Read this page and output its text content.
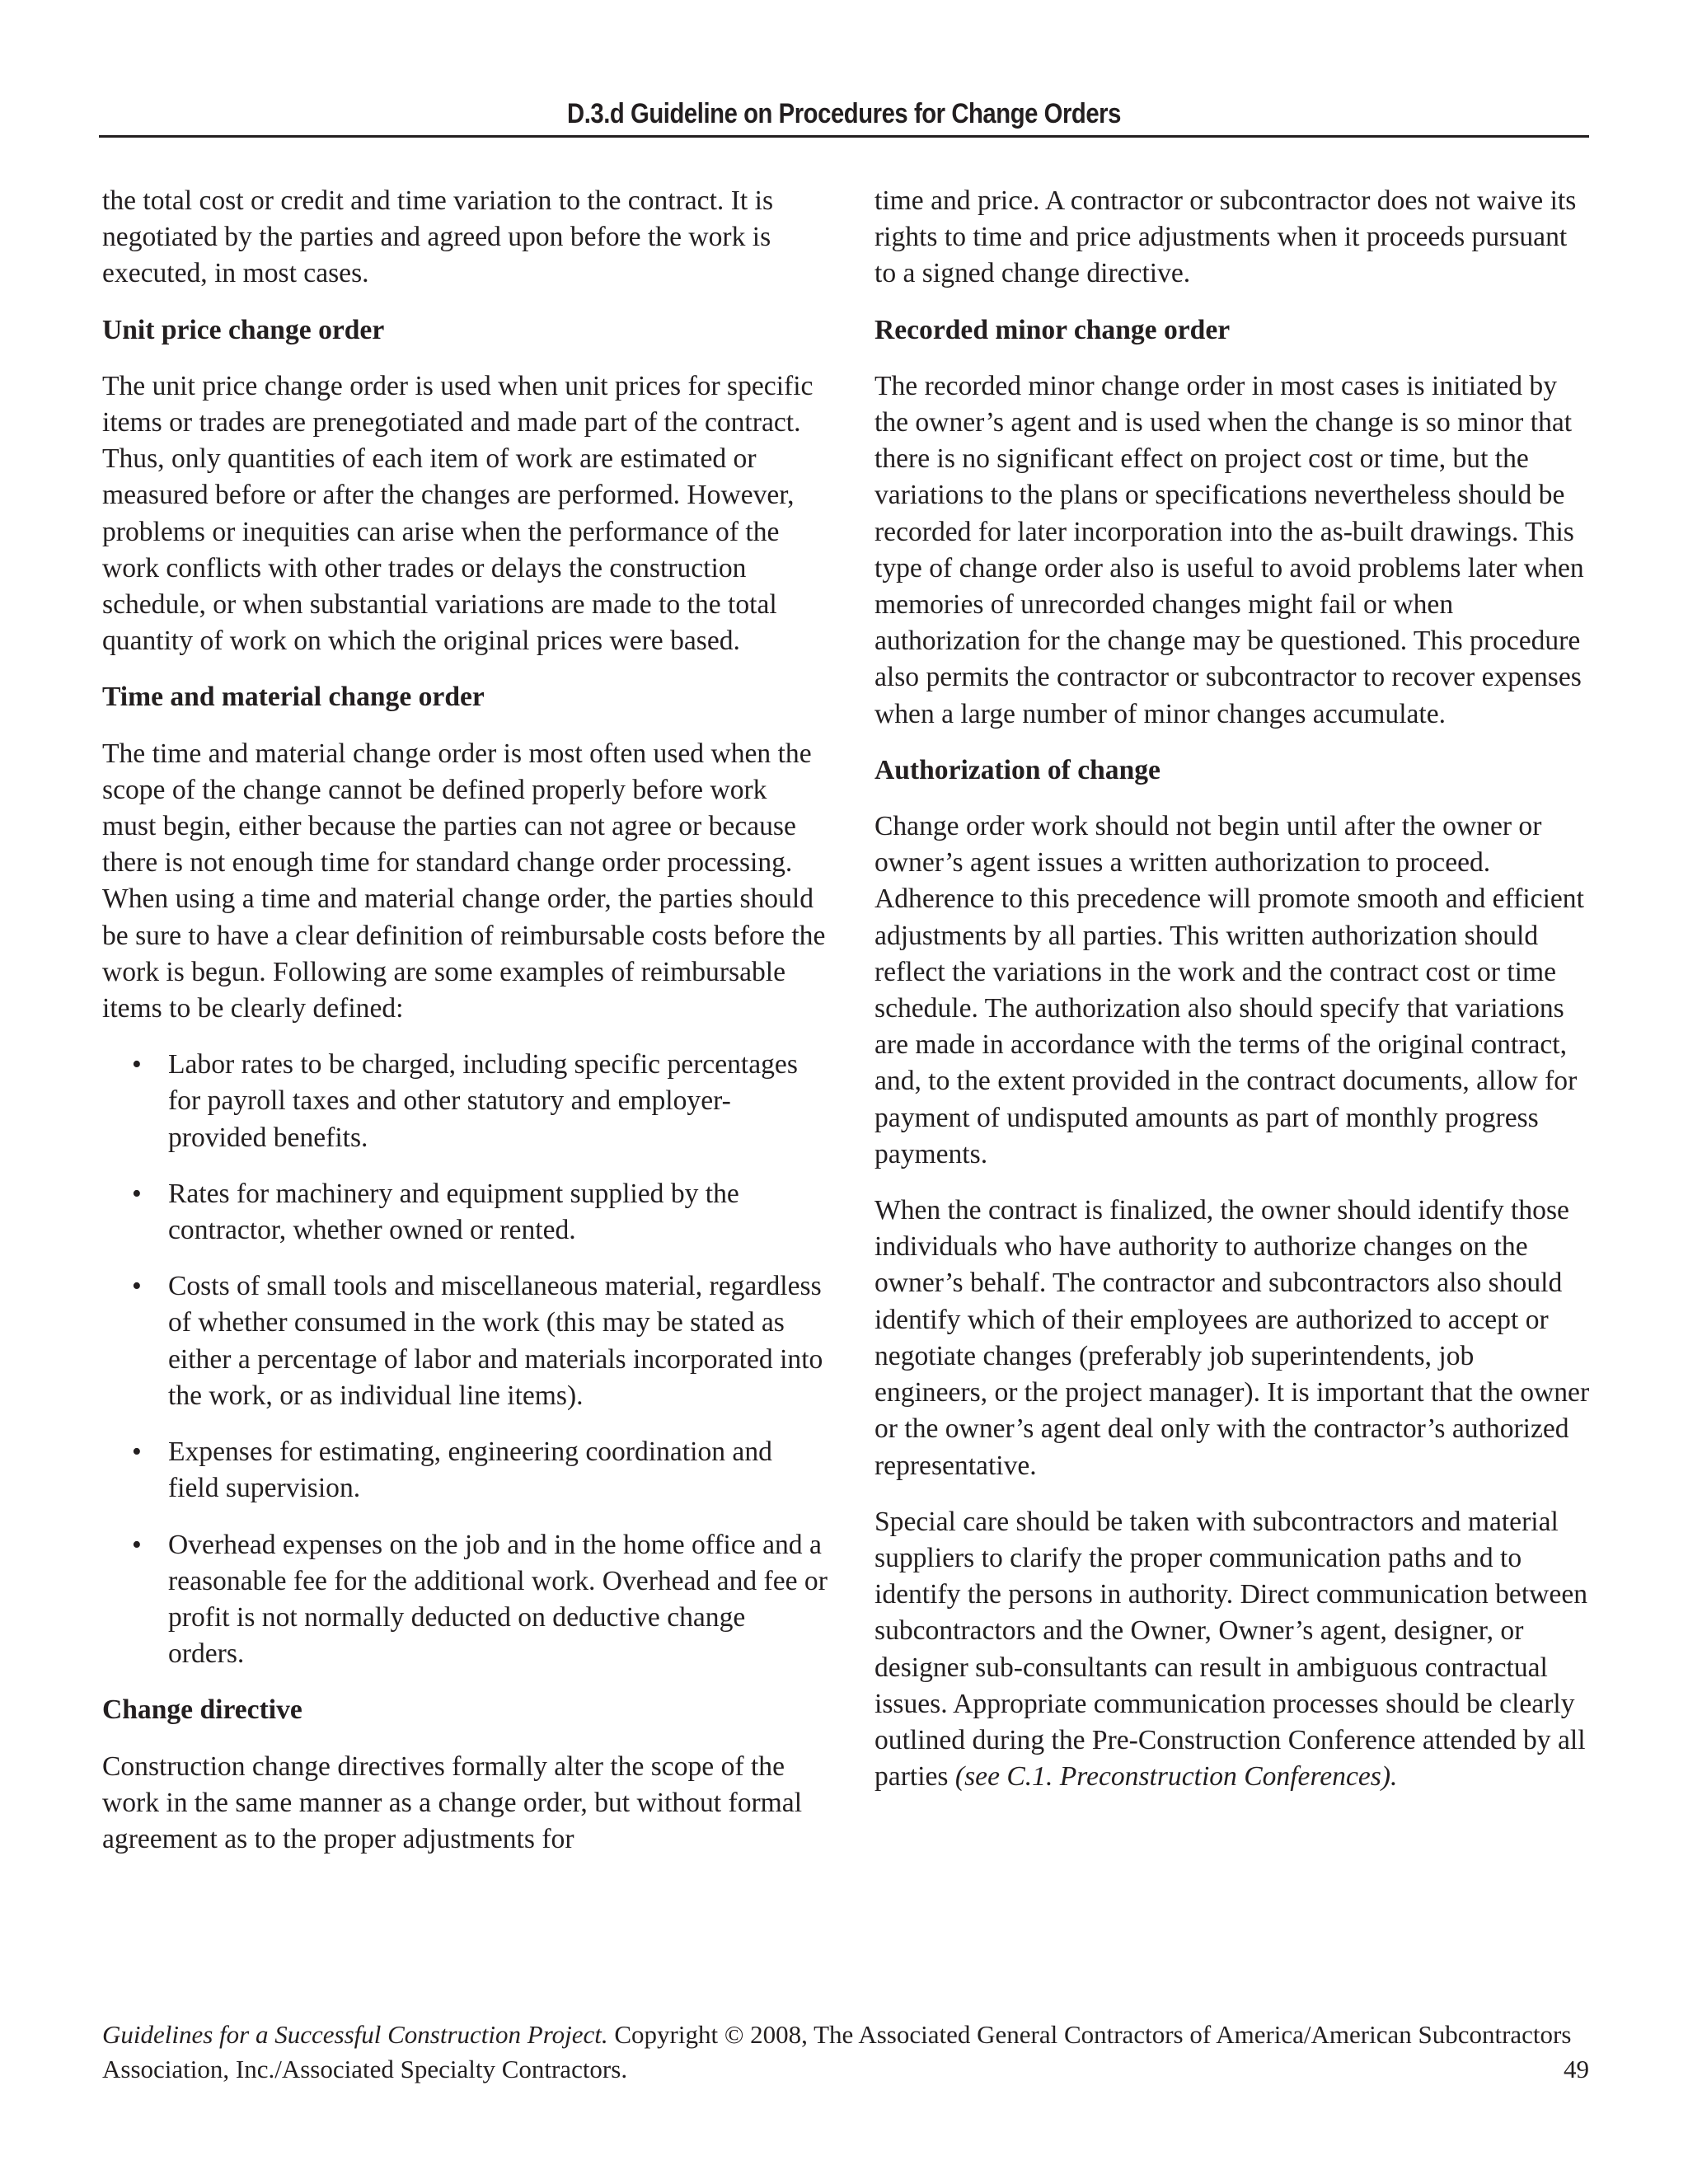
D.3.d Guideline on Procedures for Change Orders

the total cost or credit and time variation to the contract. It is negotiated by the parties and agreed upon before the work is executed, in most cases.

Unit price change order

The unit price change order is used when unit prices for specific items or trades are prenegotiated and made part of the contract. Thus, only quantities of each item of work are estimated or measured before or after the changes are performed. However, problems or inequities can arise when the performance of the work conflicts with other trades or delays the construction schedule, or when substantial variations are made to the total quantity of work on which the original prices were based.

Time and material change order

The time and material change order is most often used when the scope of the change cannot be defined properly before work must begin, either because the parties can not agree or because there is not enough time for standard change order processing. When using a time and material change order, the parties should be sure to have a clear definition of reimbursable costs before the work is begun. Following are some examples of reimbursable items to be clearly defined:

• Labor rates to be charged, including specific percentages for payroll taxes and other statutory and employer-provided benefits.
• Rates for machinery and equipment supplied by the contractor, whether owned or rented.
• Costs of small tools and miscellaneous material, regardless of whether consumed in the work (this may be stated as either a percentage of labor and materials incorporated into the work, or as individual line items).
• Expenses for estimating, engineering coordination and field supervision.
• Overhead expenses on the job and in the home office and a reasonable fee for the additional work. Overhead and fee or profit is not normally deducted on deductive change orders.
Change directive

Construction change directives formally alter the scope of the work in the same manner as a change order, but without formal agreement as to the proper adjustments for

time and price. A contractor or subcontractor does not waive its rights to time and price adjustments when it proceeds pursuant to a signed change directive.

Recorded minor change order

The recorded minor change order in most cases is initiated by the owner’s agent and is used when the change is so minor that there is no significant effect on project cost or time, but the variations to the plans or specifications nevertheless should be recorded for later incorporation into the as-built drawings. This type of change order also is useful to avoid problems later when memories of unrecorded changes might fail or when authorization for the change may be questioned. This procedure also permits the contractor or subcontractor to recover expenses when a large number of minor changes accumulate.

Authorization of change

Change order work should not begin until after the owner or owner’s agent issues a written authorization to proceed. Adherence to this precedence will promote smooth and efficient adjustments by all parties. This written authorization should reflect the variations in the work and the contract cost or time schedule. The authorization also should specify that variations are made in accordance with the terms of the original contract, and, to the extent provided in the contract documents, allow for payment of undisputed amounts as part of monthly progress payments.

When the contract is finalized, the owner should identify those individuals who have authority to authorize changes on the owner’s behalf. The contractor and subcontractors also should identify which of their employees are authorized to accept or negotiate changes (preferably job superintendents, job engineers, or the project manager). It is important that the owner or the owner’s agent deal only with the contractor’s authorized representative.

Special care should be taken with subcontractors and material suppliers to clarify the proper communication paths and to identify the persons in authority. Direct communication between subcontractors and the Owner, Owner’s agent, designer, or designer sub-consultants can result in ambiguous contractual issues. Appropriate communication processes should be clearly outlined during the Pre-Construction Conference attended by all parties (see C.1. Preconstruction Conferences).

Guidelines for a Successful Construction Project. Copyright © 2008, The Associated General Contractors of America/American Subcontractors Association, Inc./Associated Specialty Contractors.	49
